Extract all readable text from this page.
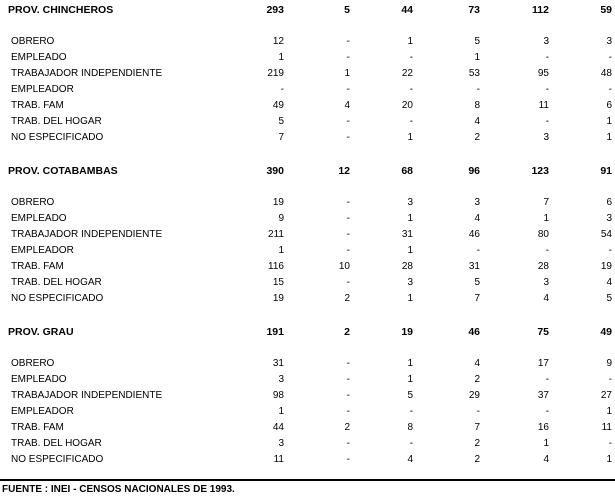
PROV. CHINCHEROS	293	5	44	73	112	59
OBRERO	12	-	1	5	3	3
EMPLEADO	1	-	-	1	-	-
TRABAJADOR INDEPENDIENTE	219	1	22	53	95	48
EMPLEADOR	-	-	-	-	-	-
TRAB. FAM	49	4	20	8	11	6
TRAB. DEL HOGAR	5	-	-	4	-	1
NO ESPECIFICADO	7	-	1	2	3	1
PROV. COTABAMBAS	390	12	68	96	123	91
OBRERO	19	-	3	3	7	6
EMPLEADO	9	-	1	4	1	3
TRABAJADOR INDEPENDIENTE	211	-	31	46	80	54
EMPLEADOR	1	-	1	-	-	-
TRAB. FAM	116	10	28	31	28	19
TRAB. DEL HOGAR	15	-	3	5	3	4
NO ESPECIFICADO	19	2	1	7	4	5
PROV. GRAU	191	2	19	46	75	49
OBRERO	31	-	1	4	17	9
EMPLEADO	3	-	1	2	-	-
TRABAJADOR INDEPENDIENTE	98	-	5	29	37	27
EMPLEADOR	1	-	-	-	-	1
TRAB. FAM	44	2	8	7	16	11
TRAB. DEL HOGAR	3	-	-	2	1	-
NO ESPECIFICADO	11	-	4	2	4	1
FUENTE : INEI - CENSOS NACIONALES DE 1993.
